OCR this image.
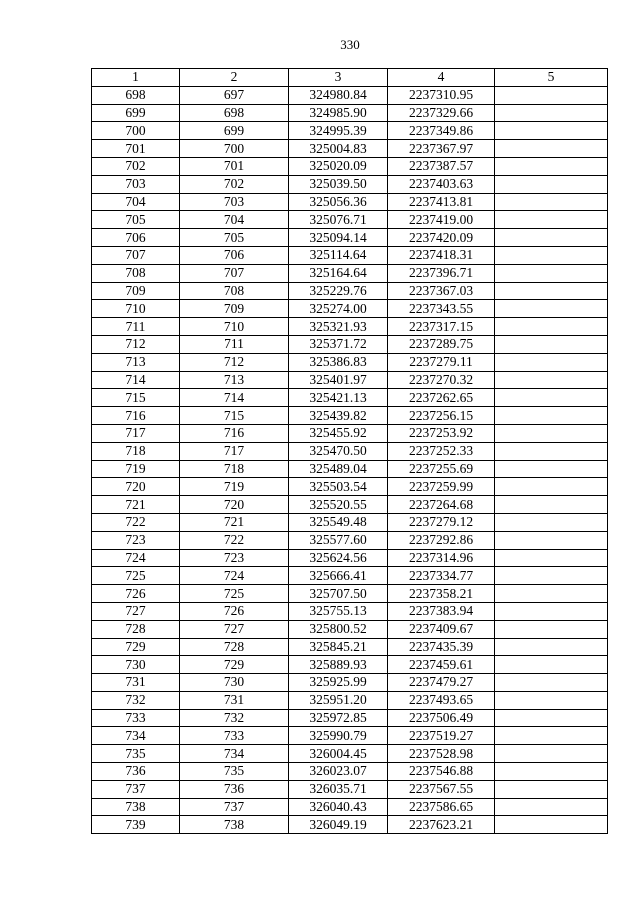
330
1	2	3	4	5
698	697	324980.84	2237310.95	
699	698	324985.90	2237329.66	
700	699	324995.39	2237349.86	
701	700	325004.83	2237367.97	
702	701	325020.09	2237387.57	
703	702	325039.50	2237403.63	
704	703	325056.36	2237413.81	
705	704	325076.71	2237419.00	
706	705	325094.14	2237420.09	
707	706	325114.64	2237418.31	
708	707	325164.64	2237396.71	
709	708	325229.76	2237367.03	
710	709	325274.00	2237343.55	
711	710	325321.93	2237317.15	
712	711	325371.72	2237289.75	
713	712	325386.83	2237279.11	
714	713	325401.97	2237270.32	
715	714	325421.13	2237262.65	
716	715	325439.82	2237256.15	
717	716	325455.92	2237253.92	
718	717	325470.50	2237252.33	
719	718	325489.04	2237255.69	
720	719	325503.54	2237259.99	
721	720	325520.55	2237264.68	
722	721	325549.48	2237279.12	
723	722	325577.60	2237292.86	
724	723	325624.56	2237314.96	
725	724	325666.41	2237334.77	
726	725	325707.50	2237358.21	
727	726	325755.13	2237383.94	
728	727	325800.52	2237409.67	
729	728	325845.21	2237435.39	
730	729	325889.93	2237459.61	
731	730	325925.99	2237479.27	
732	731	325951.20	2237493.65	
733	732	325972.85	2237506.49	
734	733	325990.79	2237519.27	
735	734	326004.45	2237528.98	
736	735	326023.07	2237546.88	
737	736	326035.71	2237567.55	
738	737	326040.43	2237586.65	
739	738	326049.19	2237623.21	
